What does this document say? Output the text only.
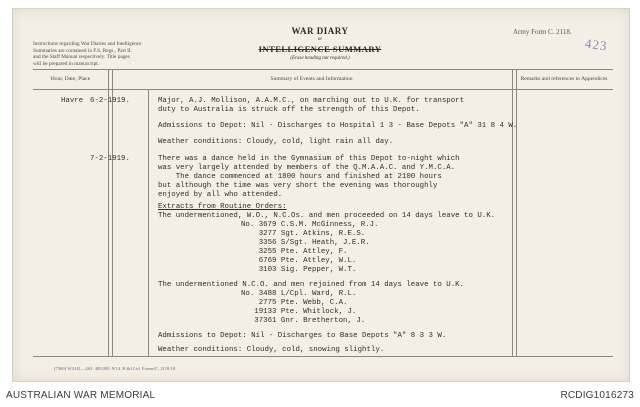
Instructions regarding War Diaries and Intelligence
Summaries are contained in F.S. Regs., Part II.
and the Staff Manual respectively. Title pages
will be prepared in manuscript.
WAR DIARY
or
INTELLIGENCE SUMMARY
(Erase heading not required.)
Army Form C. 2118.
423
Hour, Date, Place	Summary of Events and Information	Remarks and references to Appendices
Havre 6-2-1919.	Major, A.J. Mollison, A.A.M.C., on marching out to U.K. for transport
duty to Australia is struck off the strength of this Depot.
Admissions to Depot: Nil - Discharges to Hospital 1 3 - Base Depots "A" 31 8 4 W.
Weather conditions: Cloudy, cold, light rain all day.
7-2-1919.	There was a dance held in the Gymnasium of this Depot to-night which
was very largely attended by members of the Q.M.A.A.C. and Y.M.C.A.
The dance commenced at 1800 hours and finished at 2100 hours
but although the time was very short the evening was thoroughly
enjoyed by all who attended.
Extracts from Routine Orders:
The undermentioned, W.O., N.C.Os. and men proceeded on 14 days leave to U.K.
No. 3679 C.S.M. McGinness, R.J.
3277 Sgt. Atkins, R.E.S.
3356 S/Sgt. Heath, J.E.R.
3255 Pte. Attley, F.
6769 Pte. Attley, W.L.
3103 Sig. Pepper, W.T.
The undermentioned N.C.O. and men rejoined from 14 days leave to U.K.
No. 3488 L/Cpl. Ward, R.L.
2775 Pte. Webb, C.A.
19133 Pte. Whitlock, J.
37361 Gnr. Bretherton, J.
Admissions to Depot: Nil - Discharges to Base Depots "A" 8 3 3 W.
Weather conditions: Cloudy, cold, snowing slightly.
(7369) W4141—463. 400,000. 9/14. H.&J.Ltd. Forms/C. 2118/10.
AUSTRALIAN WAR MEMORIAL	RCDIG1016273
